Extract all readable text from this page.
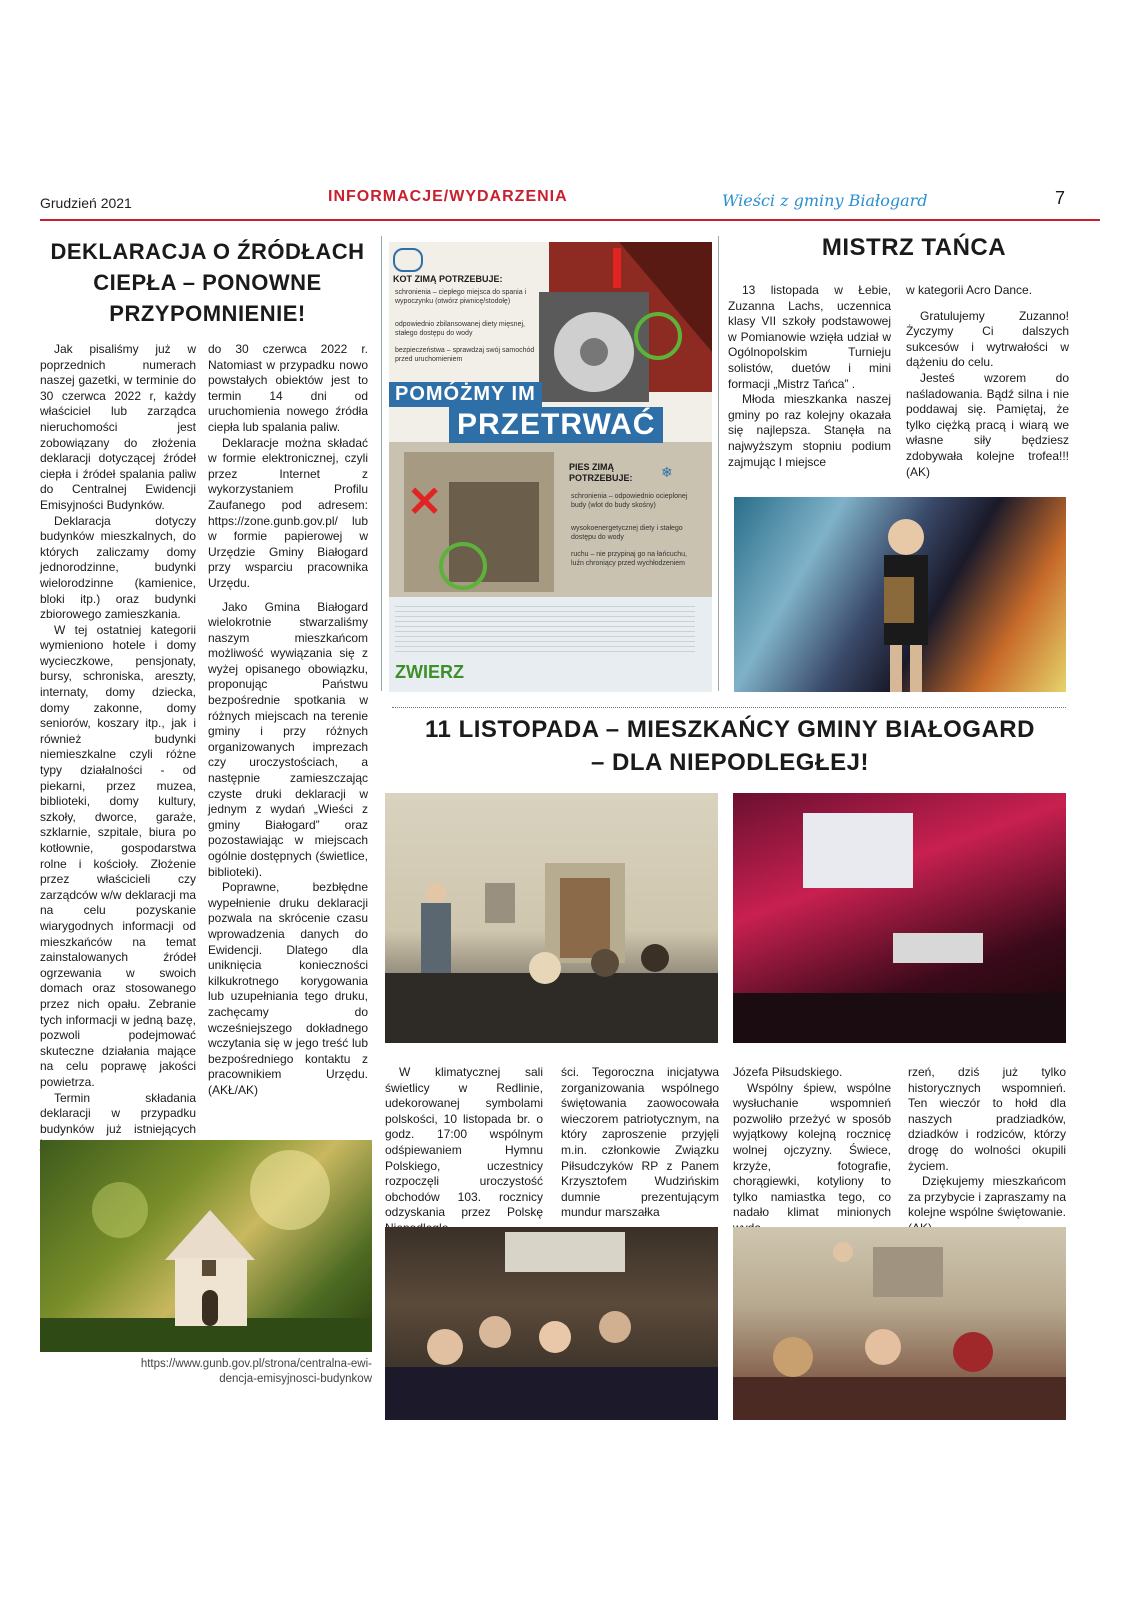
Grudzień 2021	INFORMACJE/WYDARZENIA	Wieści z gminy Białogard	7
DEKLARACJA O ŹRÓDŁACH
CIEPŁA – PONOWNE
PRZYPOMNIENIE!

Jak pisaliśmy już w poprzednich numerach naszej gazetki, w terminie do 30 czerwca 2022 r, każdy właściciel lub zarządca nieruchomości jest zobowiązany do złożenia deklaracji dotyczącej źródeł ciepła i źródeł spalania paliw do Centralnej Ewidencji Emisyjności Budynków.

Deklaracja dotyczy budynków mieszkalnych, do których zaliczamy domy jednorodzinne, budynki wielorodzinne (kamienice, bloki itp.) oraz budynki zbiorowego zamieszkania.

W tej ostatniej kategorii wymieniono hotele i domy wycieczkowe, pensjonaty, bursy, schroniska, areszty, internaty, domy dziecka, domy zakonne, domy seniorów, koszary itp., jak i również budynki niemieszkalne czyli różne typy działalności - od piekarni, przez muzea, biblioteki, domy kultury, szkoły, dworce, garaże, szklarnie, szpitale, biura po kotłownie, gospodarstwa rolne i kościoły. Złożenie przez właścicieli czy zarządców w/w deklaracji ma na celu pozyskanie wiarygodnych informacji od mieszkańców na temat zainstalowanych źródeł ogrzewania w swoich domach oraz stosowanego przez nich opału. Zebranie tych informacji w jedną bazę, pozwoli podejmować skuteczne działania mające na celu poprawę jakości powietrza.

Termin składania deklaracji w przypadku budynków już istniejących

do 30 czerwca 2022 r. Natomiast w przypadku nowo powstałych obiektów jest to termin 14 dni od uruchomienia nowego źródła ciepła lub spalania paliw.

Deklaracje można składać w formie elektronicznej, czyli przez Internet z wykorzystaniem Profilu Zaufanego pod adresem: https://zone.gunb.gov.pl/ lub w formie papierowej w Urzędzie Gminy Białogard przy wsparciu pracownika Urzędu.

Jako Gmina Białogard wielokrotnie stwarzaliśmy naszym mieszkańcom możliwość wywiązania się z wyżej opisanego obowiązku, proponując Państwu bezpośrednie spotkania w różnych miejscach na terenie gminy i przy różnych organizowanych imprezach czy uroczystościach, a następnie zamieszczając czyste druki deklaracji w jednym z wydań „Wieści z gminy Białogard” oraz pozostawiając w miejscach ogólnie dostępnych (świetlice, biblioteki).

Poprawne, bezbłędne wypełnienie druku deklaracji pozwala na skrócenie czasu wprowadzenia danych do Ewidencji. Dlatego dla uniknięcia konieczności kilkukrotnego korygowania lub uzupełniania tego druku, zachęcamy do wcześniejszego dokładnego wczytania się w jego treść lub bezpośredniego kontaktu z pracownikiem Urzędu. (AKŁ/AK)

https://www.gunb.gov.pl/strona/centralna-ewi-
dencja-emisyjnosci-budynkow
KOT ZIMĄ POTRZEBUJE:
schronienia – ciepłego miejsca do spania i wypoczynku (otwórz piwnicę/stodołę)
odpowiednio zbilansowanej diety mięsnej, stałego dostępu do wody
bezpieczeństwa – sprawdzaj swój samochód przed uruchomieniem
POMÓŻMY IM
PRZETRWAĆ
✕
PIES ZIMĄ
POTRZEBUJE: ❄
schronienia – odpowiednio ocieplonej budy (wlot do budy skośny)
wysokoenergetycznej diety i stałego dostępu do wody
ruchu – nie przypinaj go na łańcuchu, luźn chroniący przed wychłodzeniem
ZWIERZ
MISTRZ TAŃCA

13 listopada w Łebie, Zuzanna Lachs, uczennica klasy VII szkoły podstawowej w Pomianowie wzięła udział w Ogólnopolskim Turnieju solistów, duetów i mini formacji „Mistrz Tańca” .

Młoda mieszkanka naszej gminy po raz kolejny okazała się najlepsza. Stanęła na najwyższym stopniu podium zajmując I miejsce

w kategorii Acro Dance.

Gratulujemy Zuzanno! Życzymy Ci dalszych sukcesów i wytrwałości w dążeniu do celu.

Jesteś wzorem do naśladowania. Bądź silna i nie poddawaj się. Pamiętaj, że tylko ciężką pracą i wiarą we własne siły będziesz zdobywała kolejne trofea!!! (AK)

11 LISTOPADA – MIESZKAŃCY GMINY BIAŁOGARD
– DLA NIEPODLEGŁEJ!

W klimatycznej sali świetlicy w Redlinie, udekorowanej symbolami polskości, 10 listopada br. o godz. 17:00 wspólnym odśpiewaniem Hymnu Polskiego, uczestnicy rozpoczęli uroczystość obchodów 103. rocznicy odzyskania przez Polskę

ści. Tegoroczna inicjatywa zorganizowania wspólnego świętowania zaowocowała wieczorem patriotycznym, na który zaproszenie przyjęli m.in. członkowie Związku Piłsudczyków RP z Panem Krzysztofem Wudzińskim dumnie prezentującym mundur marszałka

Józefa Piłsudskiego.

Wspólny śpiew, wspólne wysłuchanie wspomnień pozwoliło przeżyć w sposób wyjątkowy kolejną rocznicę wolnej ojczyzny. Świece, krzyże, fotografie, chorągiewki, kotyliony to tylko namiastka tego, co nadało klimat minionych

rzeń, dziś już tylko historycznych wspomnień. Ten wieczór to hołd dla naszych pradziadków, dziadków i rodziców, którzy drogę do wolności okupili życiem.

Dziękujemy mieszkańcom za przybycie i zapraszamy na kolejne wspólne świętowanie.
